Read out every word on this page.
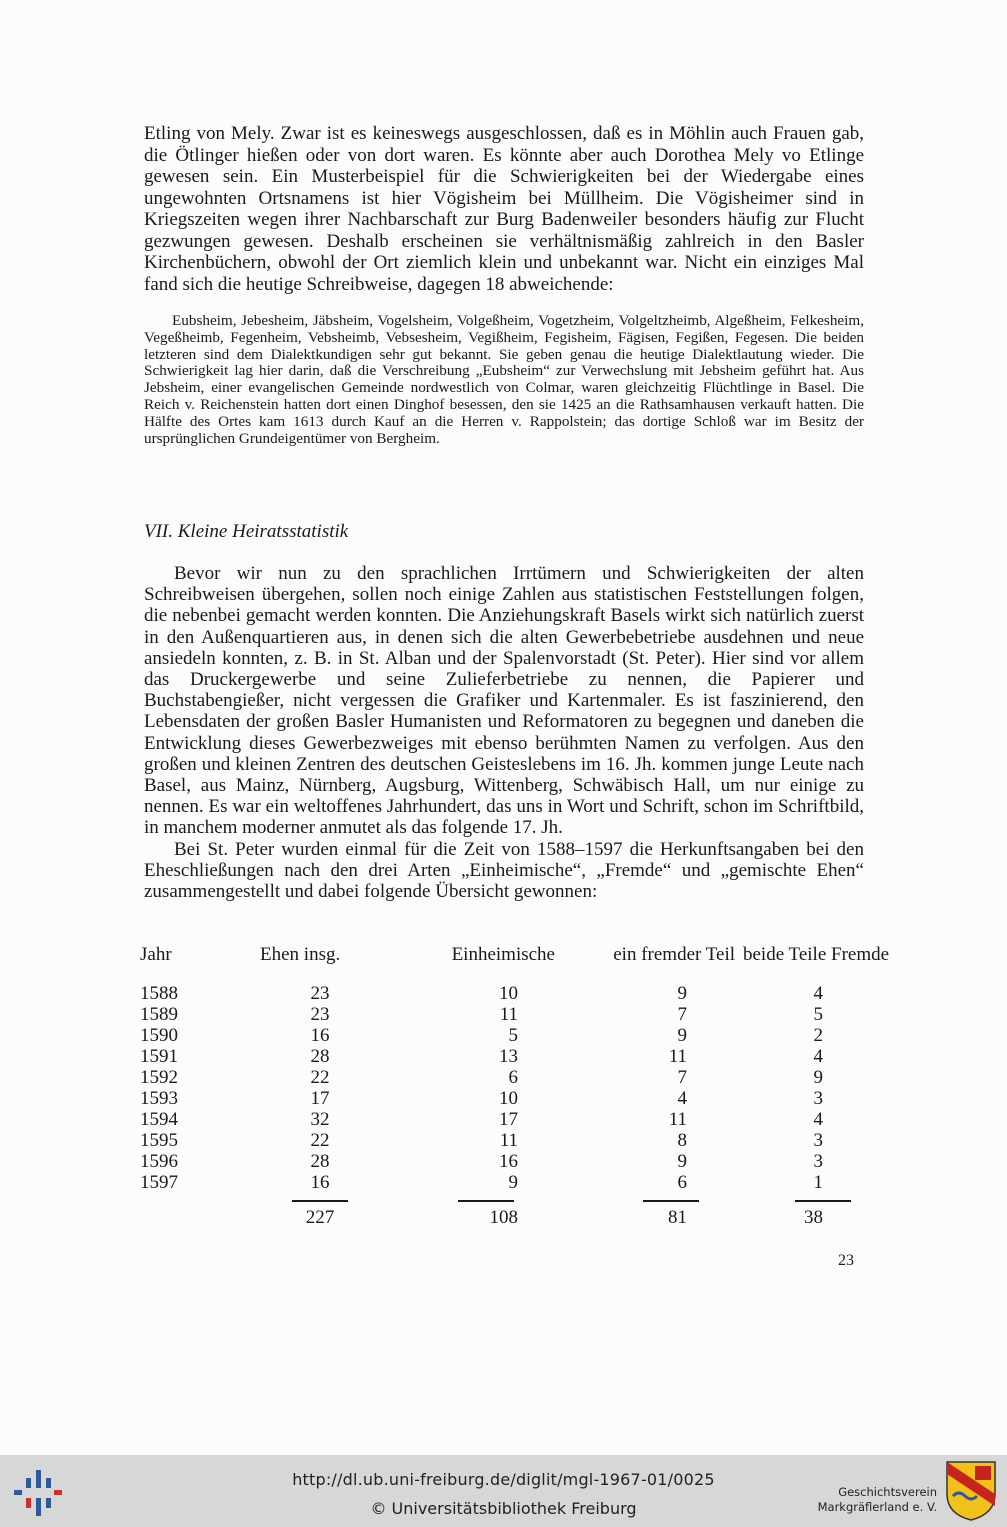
Etling von Mely. Zwar ist es keineswegs ausgeschlossen, daß es in Möhlin auch Frauen gab, die Ötlinger hießen oder von dort waren. Es könnte aber auch Dorothea Mely vo Etlinge gewesen sein. Ein Musterbeispiel für die Schwierigkeiten bei der Wiedergabe eines ungewohnten Ortsnamens ist hier Vögisheim bei Müllheim. Die Vögisheimer sind in Kriegszeiten wegen ihrer Nachbarschaft zur Burg Badenweiler besonders häufig zur Flucht gezwungen gewesen. Deshalb erscheinen sie verhältnismäßig zahlreich in den Basler Kirchenbüchern, obwohl der Ort ziemlich klein und unbekannt war. Nicht ein einziges Mal fand sich die heutige Schreibweise, dagegen 18 abweichende:

Eubsheim, Jebesheim, Jäbsheim, Vogelsheim, Volgeßheim, Vogetzheim, Volgeltzheimb, Algeßheim, Felkesheim, Vegeßheimb, Fegenheim, Vebsheimb, Vebsesheim, Vegißheim, Fegisheim, Fägisen, Fegißen, Fegesen. Die beiden letzteren sind dem Dialektkundigen sehr gut bekannt. Sie geben genau die heutige Dialektlautung wieder. Die Schwierigkeit lag hier darin, daß die Verschreibung „Eubsheim“ zur Verwechslung mit Jebsheim geführt hat. Aus Jebsheim, einer evangelischen Gemeinde nordwestlich von Colmar, waren gleichzeitig Flüchtlinge in Basel. Die Reich v. Reichenstein hatten dort einen Dinghof besessen, den sie 1425 an die Rathsamhausen verkauft hatten. Die Hälfte des Ortes kam 1613 durch Kauf an die Herren v. Rappolstein; das dortige Schloß war im Besitz der ursprünglichen Grundeigentümer von Bergheim.

VII. Kleine Heiratsstatistik

Bevor wir nun zu den sprachlichen Irrtümern und Schwierigkeiten der alten Schreibweisen übergehen, sollen noch einige Zahlen aus statistischen Feststellungen folgen, die nebenbei gemacht werden konnten. Die Anziehungskraft Basels wirkt sich natürlich zuerst in den Außenquartieren aus, in denen sich die alten Gewerbebetriebe ausdehnen und neue ansiedeln konnten, z. B. in St. Alban und der Spalenvorstadt (St. Peter). Hier sind vor allem das Druckergewerbe und seine Zulieferbetriebe zu nennen, die Papierer und Buchstabengießer, nicht vergessen die Grafiker und Kartenmaler. Es ist faszinierend, den Lebensdaten der großen Basler Humanisten und Reformatoren zu begegnen und daneben die Entwicklung dieses Gewerbezweiges mit ebenso berühmten Namen zu verfolgen. Aus den großen und kleinen Zentren des deutschen Geisteslebens im 16. Jh. kommen junge Leute nach Basel, aus Mainz, Nürnberg, Augsburg, Wittenberg, Schwäbisch Hall, um nur einige zu nennen. Es war ein weltoffenes Jahrhundert, das uns in Wort und Schrift, schon im Schriftbild, in manchem moderner anmutet als das folgende 17. Jh.

Bei St. Peter wurden einmal für die Zeit von 1588–1597 die Herkunftsangaben bei den Eheschließungen nach den drei Arten „Einheimische“, „Fremde“ und „gemischte Ehen“ zusammengestellt und dabei folgende Übersicht gewonnen:

Jahr	Ehen insg.	Einheimische	ein fremder Teil	beide Teile Fremde
1588	23	10	9	4
1589	23	11	7	5
1590	16	5	9	2
1591	28	13	11	4
1592	22	6	7	9
1593	17	10	4	3
1594	32	17	11	4
1595	22	11	8	3
1596	28	16	9	3
1597	16	9	6	1

	227	108	81	38
23
http://dl.ub.uni-freiburg.de/diglit/mgl-1967-01/0025
© Universitätsbibliothek Freiburg
Geschichtsverein
Markgräflerland e. V.
